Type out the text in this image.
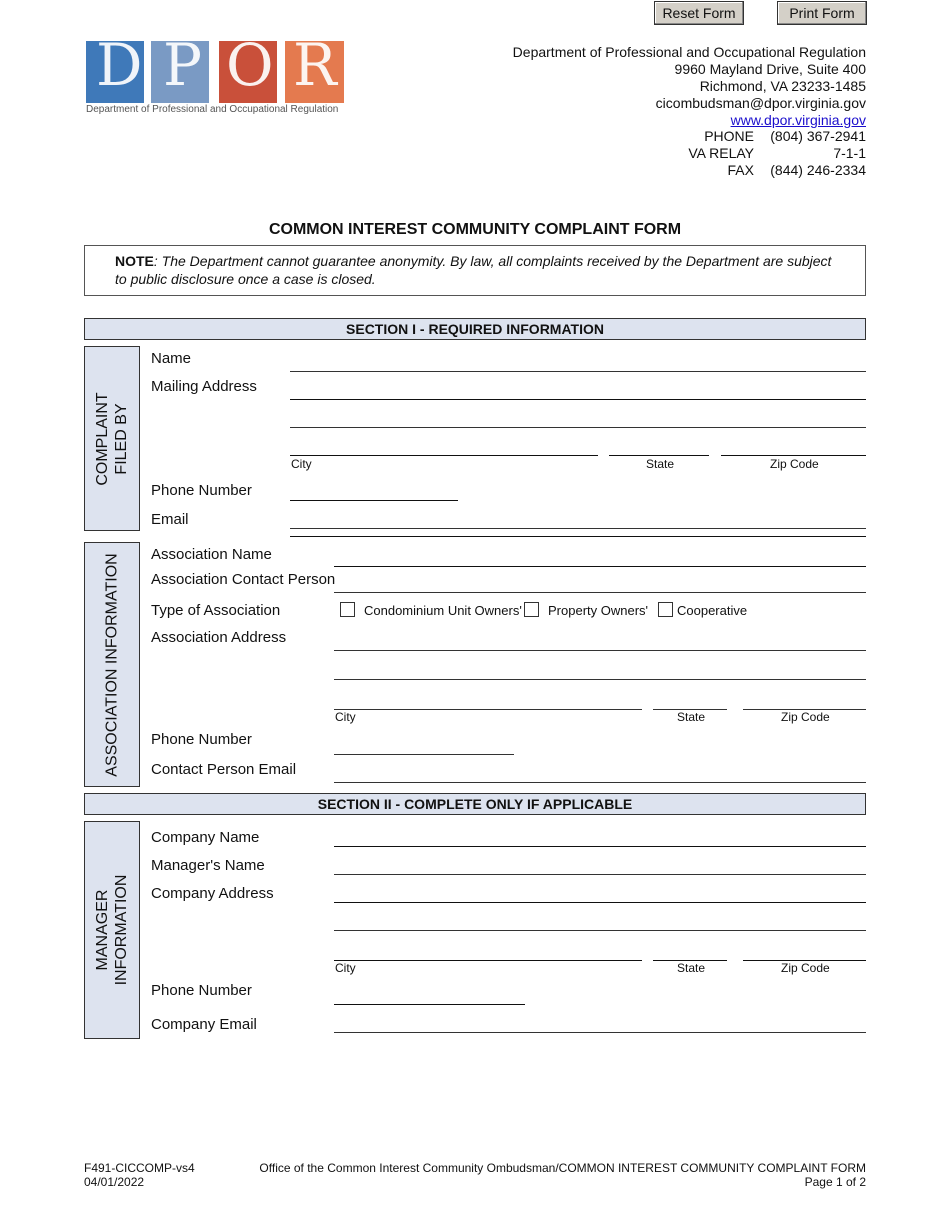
Reset Form	Print Form
D P O R
Department of Professional and Occupational Regulation
Department of Professional and Occupational Regulation
9960 Mayland Drive, Suite 400
Richmond, VA 23233-1485
cicombudsman@dpor.virginia.gov
www.dpor.virginia.gov
PHONE (804) 367-2941
VA RELAY	7-1-1
FAX (844) 246-2334
COMMON INTEREST COMMUNITY COMPLAINT FORM
NOTE: The Department cannot guarantee anonymity. By law, all complaints received by the Department are subject to public disclosure once a case is closed.
SECTION I - REQUIRED INFORMATION
COMPLAINT FILED BY
Name
Mailing Address
City	State	Zip Code
Phone Number
Email
ASSOCIATION INFORMATION Association Name
Association Contact Person
Type of Association	Condominium Unit Owners' Property Owners' Cooperative
Association Address
City	State	Zip Code
Phone Number
Contact Person Email
SECTION II - COMPLETE ONLY IF APPLICABLE
MANAGER INFORMATION
Company Name
Manager's Name
Company Address
City	State	Zip Code
Phone Number
Company Email
F491-CICCOMP-vs4
04/01/2022
Office of the Common Interest Community Ombudsman/COMMON INTEREST COMMUNITY COMPLAINT FORM
Page 1 of 2
